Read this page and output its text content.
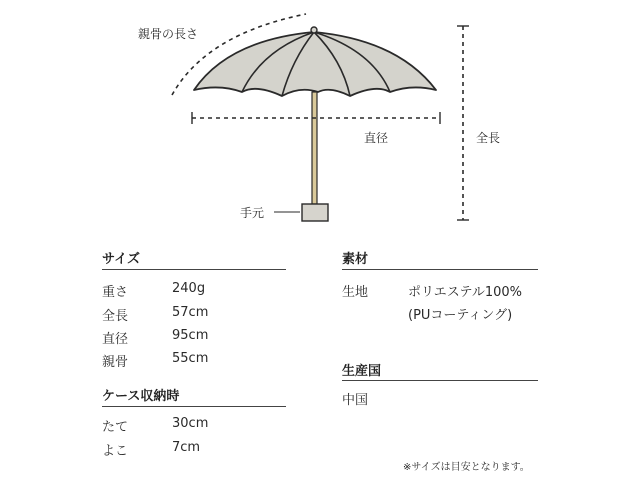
親骨の長さ
直径	全長
手元
サイズ
重さ	240g
全長	57cm
直径	95cm
親骨	55cm
ケース収納時
たて	30cm
よこ	7cm
素材
生地	ポリエステル100%
(PUコーティング)
生産国
中国
※サイズは目安となります。
